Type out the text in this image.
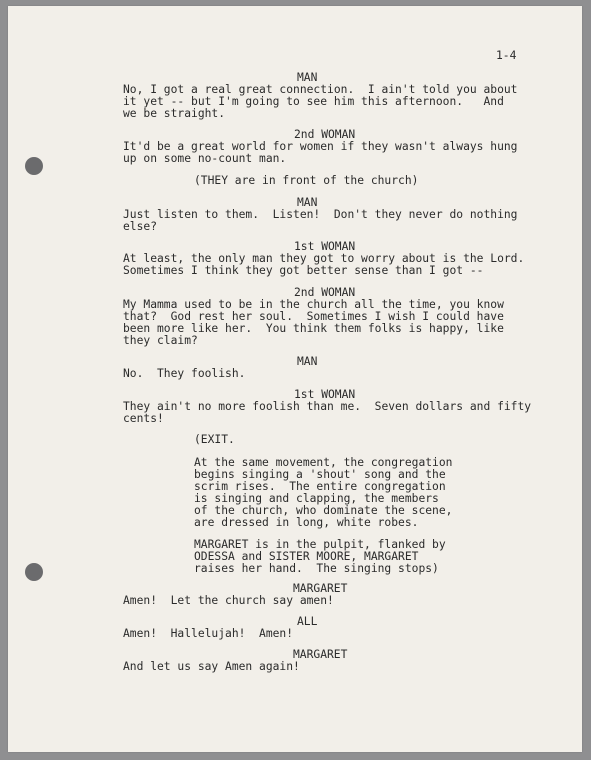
1-4
MAN
No, I got a real great connection.  I ain't told you about
it yet -- but I'm going to see him this afternoon.   And
we be straight.
2nd WOMAN
It'd be a great world for women if they wasn't always hung
up on some no-count man.
(THEY are in front of the church)
MAN
Just listen to them.  Listen!  Don't they never do nothing
else?
1st WOMAN
At least, the only man they got to worry about is the Lord.
Sometimes I think they got better sense than I got --
2nd WOMAN
My Mamma used to be in the church all the time, you know
that?  God rest her soul.  Sometimes I wish I could have
been more like her.  You think them folks is happy, like
they claim?
MAN
No.  They foolish.
1st WOMAN
They ain't no more foolish than me.  Seven dollars and fifty
cents!
(EXIT.
At the same movement, the congregation
begins singing a 'shout' song and the
scrim rises.  The entire congregation
is singing and clapping, the members
of the church, who dominate the scene,
are dressed in long, white robes.
MARGARET is in the pulpit, flanked by
ODESSA and SISTER MOORE, MARGARET
raises her hand.  The singing stops)
MARGARET
Amen!  Let the church say amen!
ALL
Amen!  Hallelujah!  Amen!
MARGARET
And let us say Amen again!
